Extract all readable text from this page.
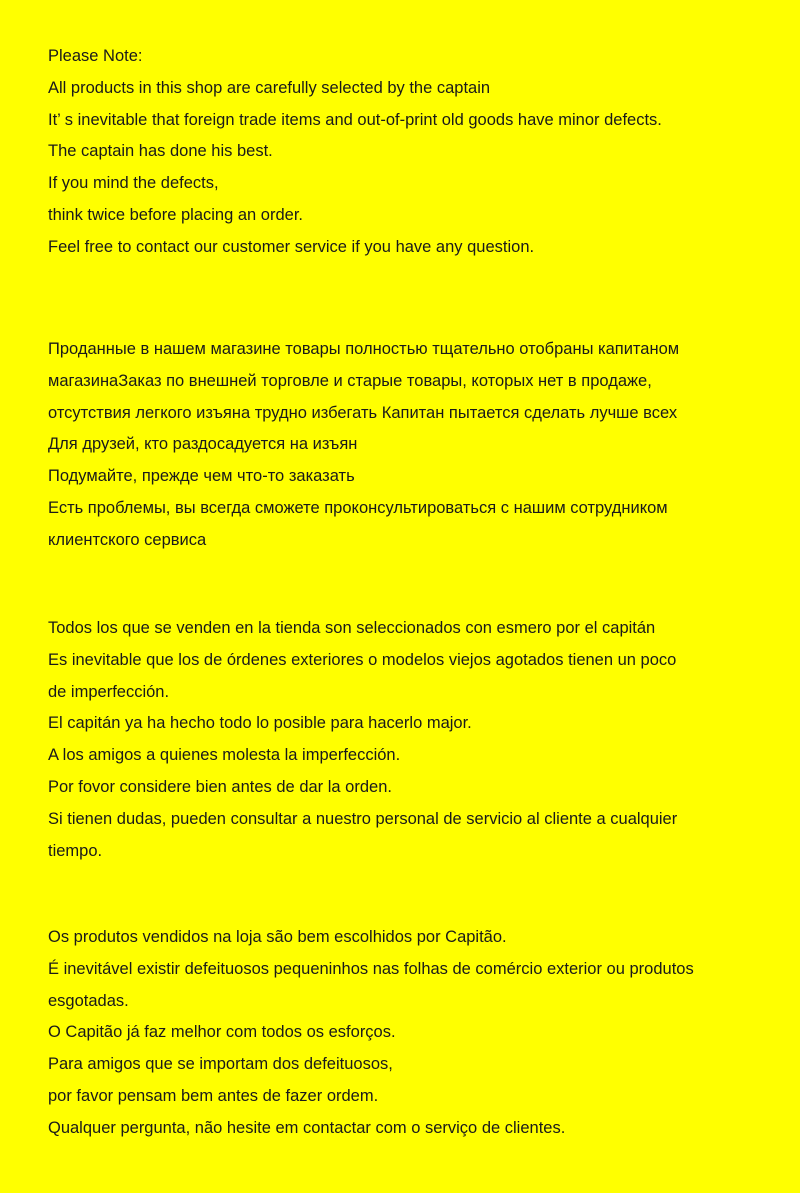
Please Note:
All products in this shop are carefully selected by the captain
It’ s inevitable that foreign trade items and out-of-print old goods have minor defects.
The captain has done his best.
If you mind the defects,
think twice before placing an order.
Feel free to contact our customer service if you have any question.
Проданные в нашем магазине товары полностью тщательно отобраны капитаном
магазинаЗаказ по внешней торговле и старые товары, которых нет в продаже,
отсутствия легкого изъяна трудно избегать Капитан пытается сделать лучше всех
Для друзей, кто раздосадуется на изъян
Подумайте, прежде чем что-то заказать
Есть проблемы, вы всегда сможете проконсультироваться с нашим сотрудником
клиентского сервиса
Todos los que se venden en la tienda son seleccionados con esmero por el capitán
Es inevitable que los de órdenes exteriores o modelos viejos agotados tienen un poco
de imperfección.
El capitán ya ha hecho todo lo posible para hacerlo major.
A los amigos a quienes molesta la imperfección.
Por fovor considere bien antes de dar la orden.
Si tienen dudas, pueden consultar a nuestro personal de servicio al cliente a cualquier
tiempo.
Os produtos vendidos na loja são bem escolhidos por Capitão.
É inevitável existir defeituosos pequeninhos nas folhas de comércio exterior ou produtos
esgotadas.
O Capitão já faz melhor com todos os esforços.
Para amigos que se importam dos defeituosos,
por favor pensam bem antes de fazer ordem.
Qualquer pergunta, não hesite em contactar com o serviço de clientes.
